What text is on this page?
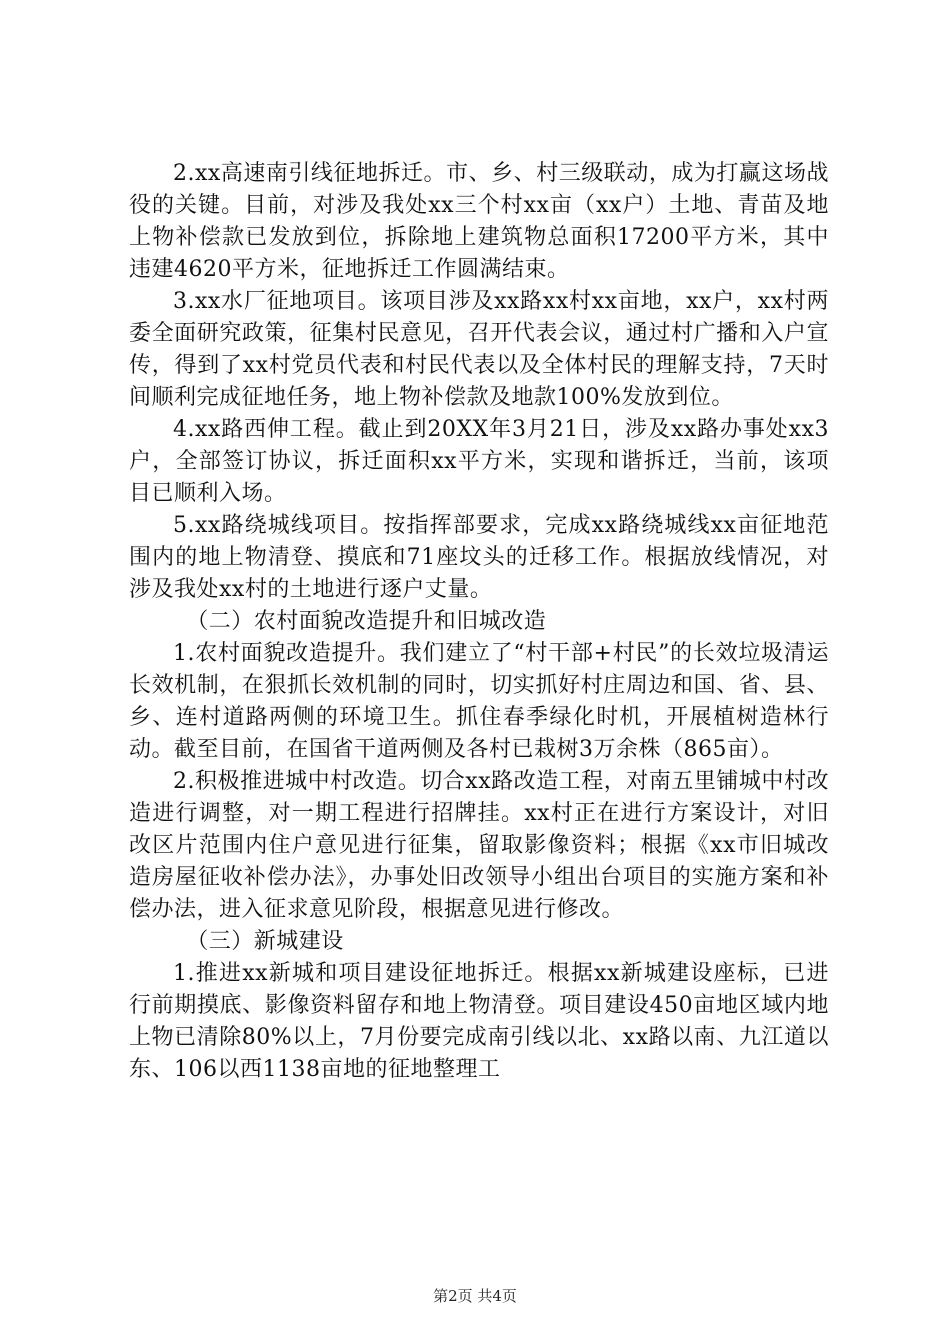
2.xx高速南引线征地拆迁。市、乡、村三级联动，成为打赢这场战役的关键。目前，对涉及我处xx三个村xx亩（xx户）土地、青苗及地上物补偿款已发放到位，拆除地上建筑物总面积17200平方米，其中违建4620平方米，征地拆迁工作圆满结束。

3.xx水厂征地项目。该项目涉及xx路xx村xx亩地，xx户，xx村两委全面研究政策，征集村民意见，召开代表会议，通过村广播和入户宣传，得到了xx村党员代表和村民代表以及全体村民的理解支持，7天时间顺利完成征地任务，地上物补偿款及地款100%发放到位。

4.xx路西伸工程。截止到20XX年3月21日，涉及xx路办事处xx3户，全部签订协议，拆迁面积xx平方米，实现和谐拆迁，当前，该项目已顺利入场。

5.xx路绕城线项目。按指挥部要求，完成xx路绕城线xx亩征地范围内的地上物清登、摸底和71座坟头的迁移工作。根据放线情况，对涉及我处xx村的土地进行逐户丈量。

（二）农村面貌改造提升和旧城改造

1.农村面貌改造提升。我们建立了“村干部+村民”的长效垃圾清运长效机制，在狠抓长效机制的同时，切实抓好村庄周边和国、省、县、乡、连村道路两侧的环境卫生。抓住春季绿化时机，开展植树造林行动。截至目前，在国省干道两侧及各村已栽树3万余株（865亩）。

2.积极推进城中村改造。切合xx路改造工程，对南五里铺城中村改造进行调整，对一期工程进行招牌挂。xx村正在进行方案设计，对旧改区片范围内住户意见进行征集，留取影像资料；根据《xx市旧城改造房屋征收补偿办法》，办事处旧改领导小组出台项目的实施方案和补偿办法，进入征求意见阶段，根据意见进行修改。

（三）新城建设

1.推进xx新城和项目建设征地拆迁。根据xx新城建设座标，已进行前期摸底、影像资料留存和地上物清登。项目建设450亩地区域内地上物已清除80%以上，7月份要完成南引线以北、xx路以南、九江道以东、106以西1138亩地的征地整理工

第2页 共4页
